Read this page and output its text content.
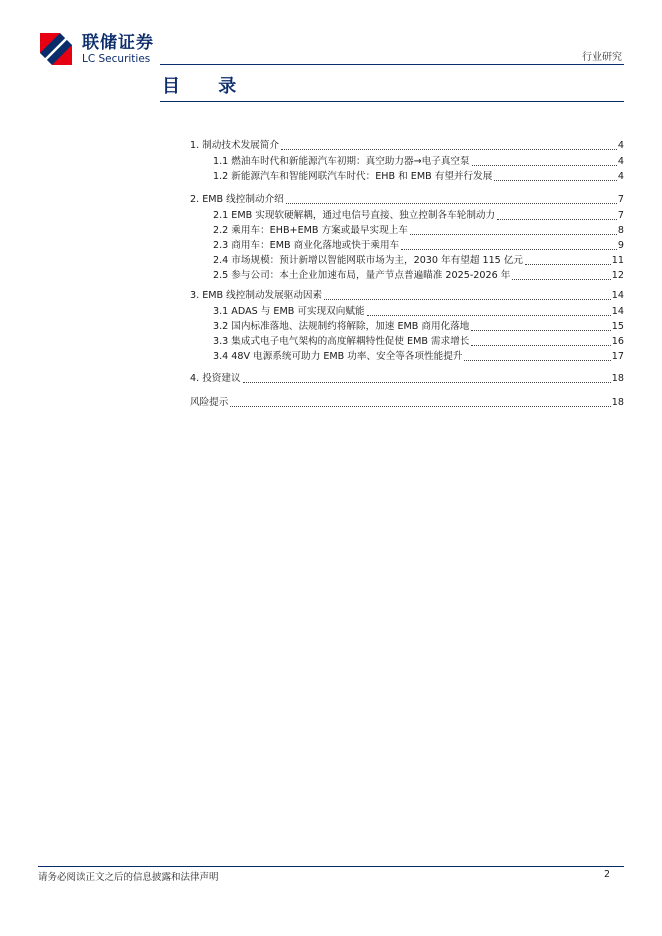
联储证券
LC Securities	行业研究
目 录
1. 制动技术发展简介	4
1.1 燃油车时代和新能源汽车初期：真空助力器→电子真空泵	4
1.2 新能源汽车和智能网联汽车时代：EHB 和 EMB 有望并行发展	4
2. EMB 线控制动介绍	7
2.1 EMB 实现软硬解耦，通过电信号直接、独立控制各车轮制动力	7
2.2 乘用车：EHB+EMB 方案或最早实现上车	8
2.3 商用车：EMB 商业化落地或快于乘用车	9
2.4 市场规模：预计新增以智能网联市场为主，2030 年有望超 115 亿元	11
2.5 参与公司：本土企业加速布局，量产节点普遍瞄准 2025-2026 年	12
3. EMB 线控制动发展驱动因素	14
3.1 ADAS 与 EMB 可实现双向赋能	14
3.2 国内标准落地、法规制约将解除，加速 EMB 商用化落地	15
3.3 集成式电子电气架构的高度解耦特性促使 EMB 需求增长	16
3.4 48V 电源系统可助力 EMB 功率、安全等各项性能提升	17
4. 投资建议	18
风险提示	18
请务必阅读正文之后的信息披露和法律声明	2
